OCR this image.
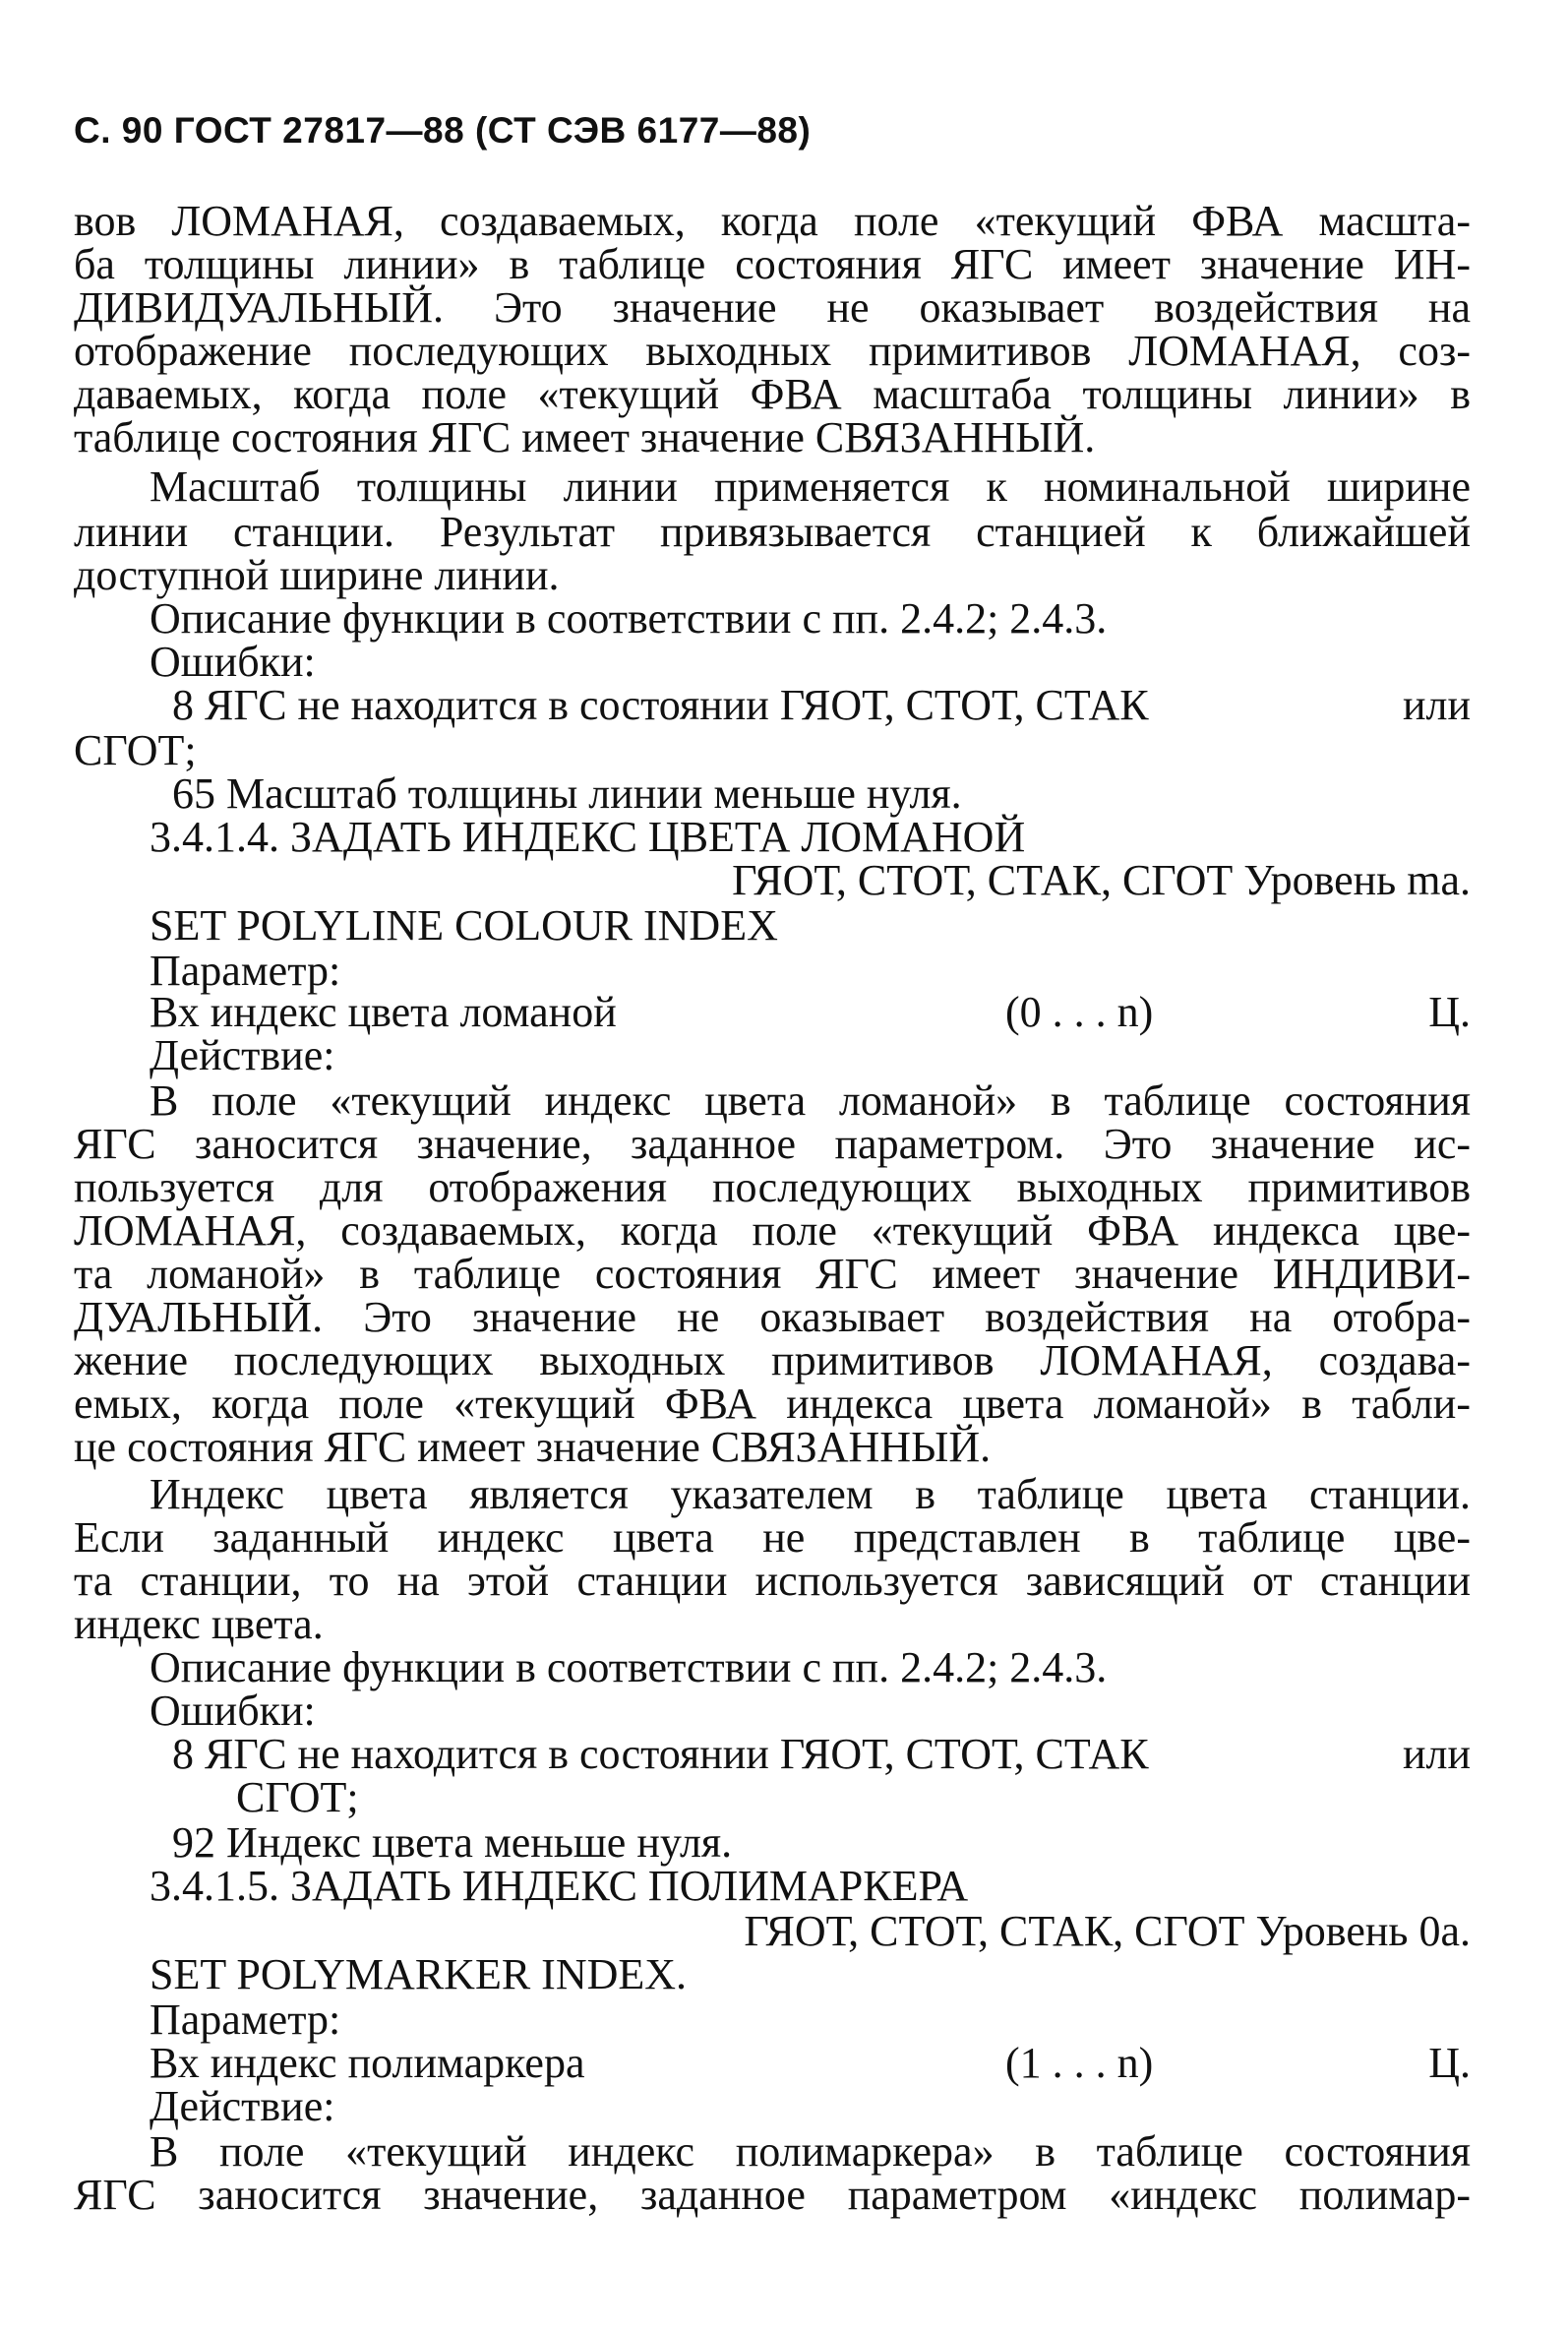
С. 90 ГОСТ 27817—88 (СТ СЭВ 6177—88)
вов ЛОМАНАЯ, создаваемых, когда поле «текущий ФВА масшта-
ба толщины линии» в таблице состояния ЯГС имеет значение ИН-
ДИВИДУАЛЬНЫЙ. Это значение не оказывает воздействия на
отображение последующих выходных примитивов ЛОМАНАЯ, соз-
даваемых, когда поле «текущий ФВА масштаба толщины линии» в
таблице состояния ЯГС имеет значение СВЯЗАННЫЙ.
Масштаб толщины линии применяется к номинальной ширине
линии станции. Результат привязывается станцией к ближайшей
доступной ширине линии.
Описание функции в соответствии с пп. 2.4.2; 2.4.3.
Ошибки:
8 ЯГС не находится в состоянии ГЯОТ, СТОТ, СТАК	или
СГОТ;
65 Масштаб толщины линии меньше нуля.
3.4.1.4. ЗАДАТЬ ИНДЕКС ЦВЕТА ЛОМАНОЙ
ГЯОТ, СТОТ, СТАК, СГОТ Уровень mа.
SET POLYLINE COLOUR INDEX
Параметр:
Вх индекс цвета ломаной	(0 . . . n)	Ц.
Действие:
В поле «текущий индекс цвета ломаной» в таблице состояния
ЯГС заносится значение, заданное параметром. Это значение ис-
пользуется для отображения последующих выходных примитивов
ЛОМАНАЯ, создаваемых, когда поле «текущий ФВА индекса цве-
та ломаной» в таблице состояния ЯГС имеет значение ИНДИВИ-
ДУАЛЬНЫЙ. Это значение не оказывает воздействия на отобра-
жение последующих выходных примитивов ЛОМАНАЯ, создава-
емых, когда поле «текущий ФВА индекса цвета ломаной» в табли-
це состояния ЯГС имеет значение СВЯЗАННЫЙ.
Индекс цвета является указателем в таблице цвета станции.
Если заданный индекс цвета не представлен в таблице цве-
та станции, то на этой станции используется зависящий от станции
индекс цвета.
Описание функции в соответствии с пп. 2.4.2; 2.4.3.
Ошибки:
8 ЯГС не находится в состоянии ГЯОТ, СТОТ, СТАК	или
СГОТ;
92 Индекс цвета меньше нуля.
3.4.1.5. ЗАДАТЬ ИНДЕКС ПОЛИМАРКЕРА
ГЯОТ, СТОТ, СТАК, СГОТ Уровень 0а.
SET POLYMARKER INDEX.
Параметр:
Вх индекс полимаркера	(1 . . . n)	Ц.
Действие:
В поле «текущий индекс полимаркера» в таблице состояния
ЯГС заносится значение, заданное параметром «индекс полимар-
